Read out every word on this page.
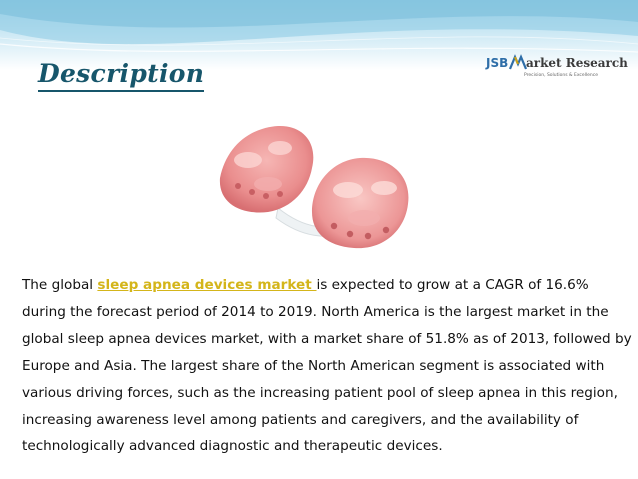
Description	JSB arket Research
Precision, Solutions & Excellence
The global sleep apnea devices market is expected to grow at a CAGR of 16.6% during the forecast period of 2014 to 2019. North America is the largest market in the global sleep apnea devices market, with a market share of 51.8% as of 2013, followed by Europe and Asia. The largest share of the North American segment is associated with various driving forces, such as the increasing patient pool of sleep apnea in this region, increasing awareness level among patients and caregivers, and the availability of technologically advanced diagnostic and therapeutic devices.
